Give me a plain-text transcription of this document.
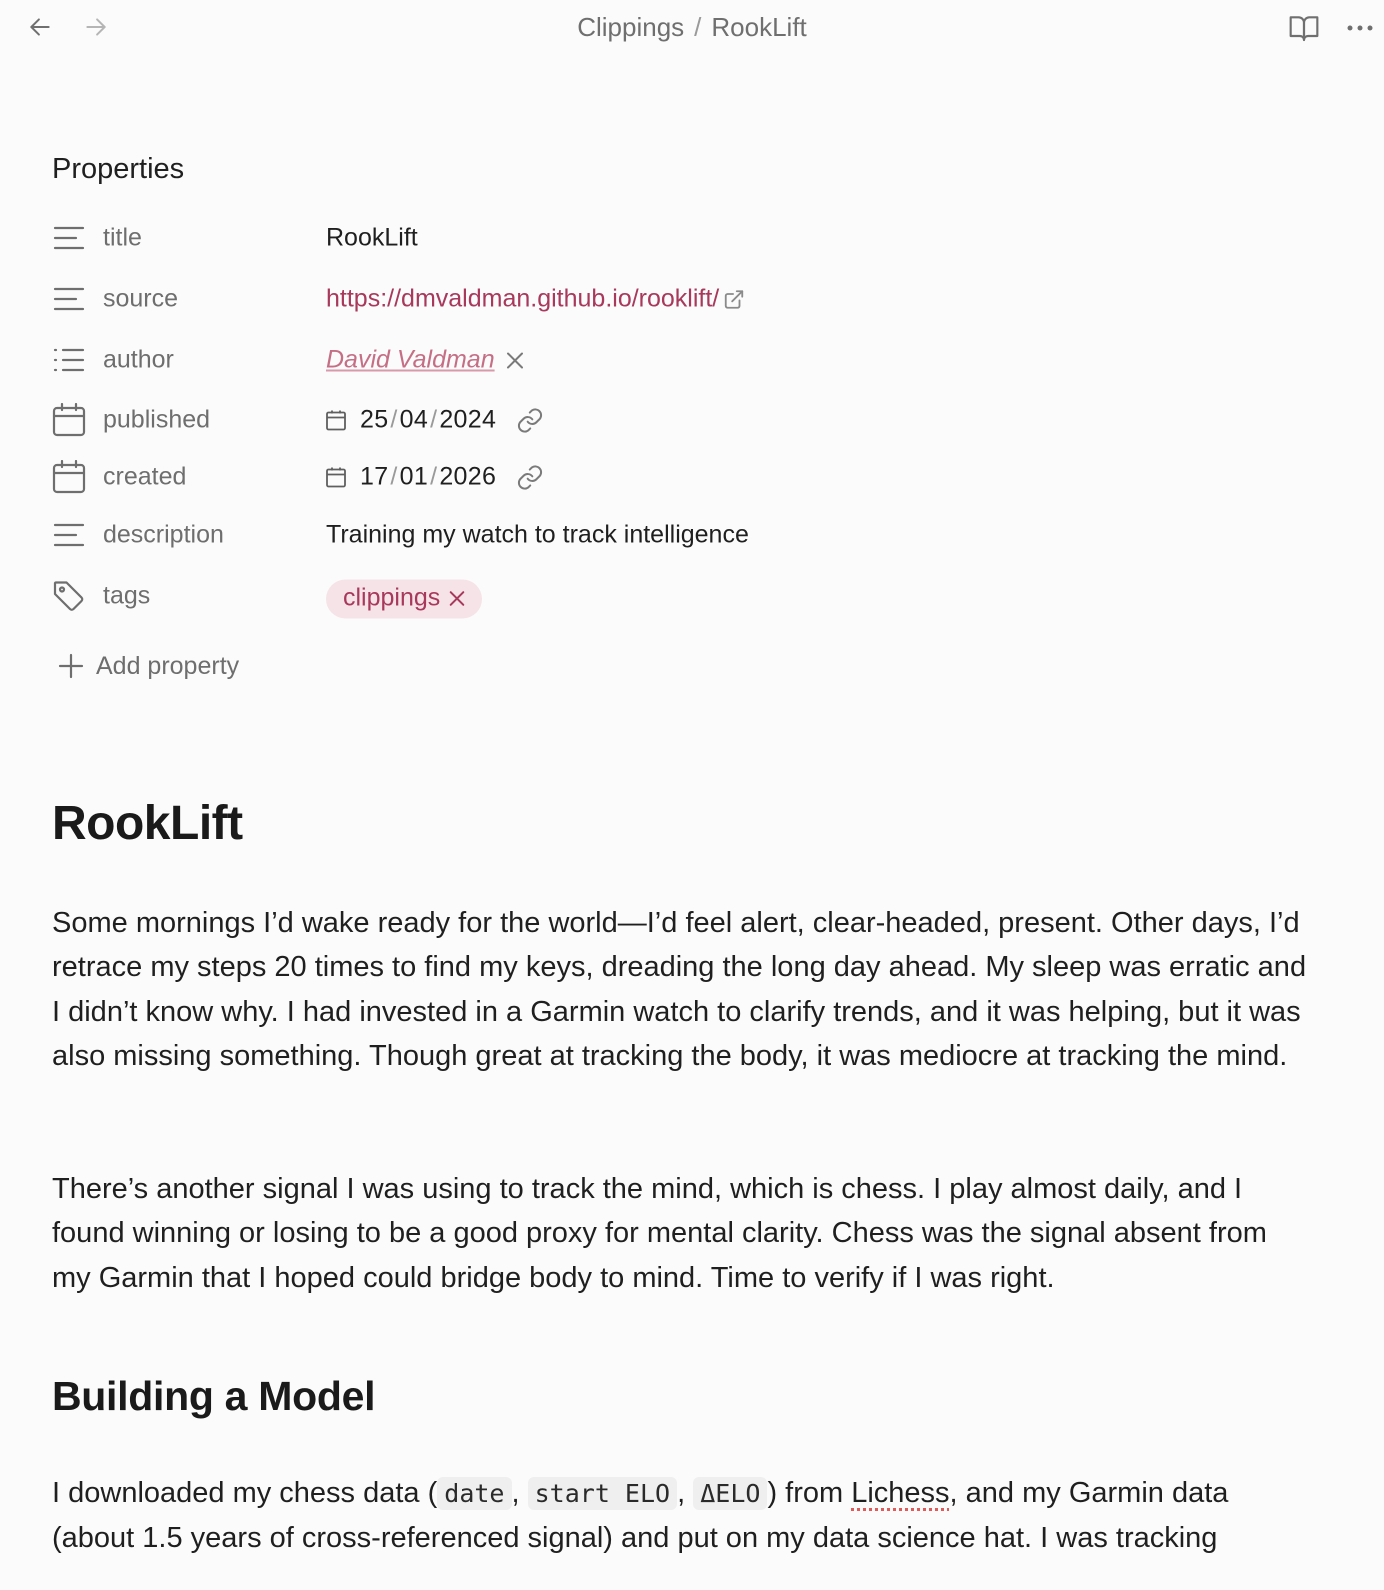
Clippings / RookLift
Properties
title	RookLift
source	https://dmvaldman.github.io/rooklift/
author	David Valdman
published	25/04/2024
created	17/01/2026
description	Training my watch to track intelligence
tags	clippings
Add property
RookLift

Some mornings I’d wake ready for the world—I’d feel alert, clear-headed, present. Other days, I’d retrace my steps 20 times to find my keys, dreading the long day ahead. My sleep was erratic and I didn’t know why. I had invested in a Garmin watch to clarify trends, and it was helping, but it was also missing something. Though great at tracking the body, it was mediocre at tracking the mind.

There’s another signal I was using to track the mind, which is chess. I play almost daily, and I found winning or losing to be a good proxy for mental clarity. Chess was the signal absent from my Garmin that I hoped could bridge body to mind. Time to verify if I was right.

Building a Model

I downloaded my chess data ( date , start ELO , ΔELO ) from Lichess, and my Garmin data (about 1.5 years of cross-referenced signal) and put on my data science hat. I was tracking
